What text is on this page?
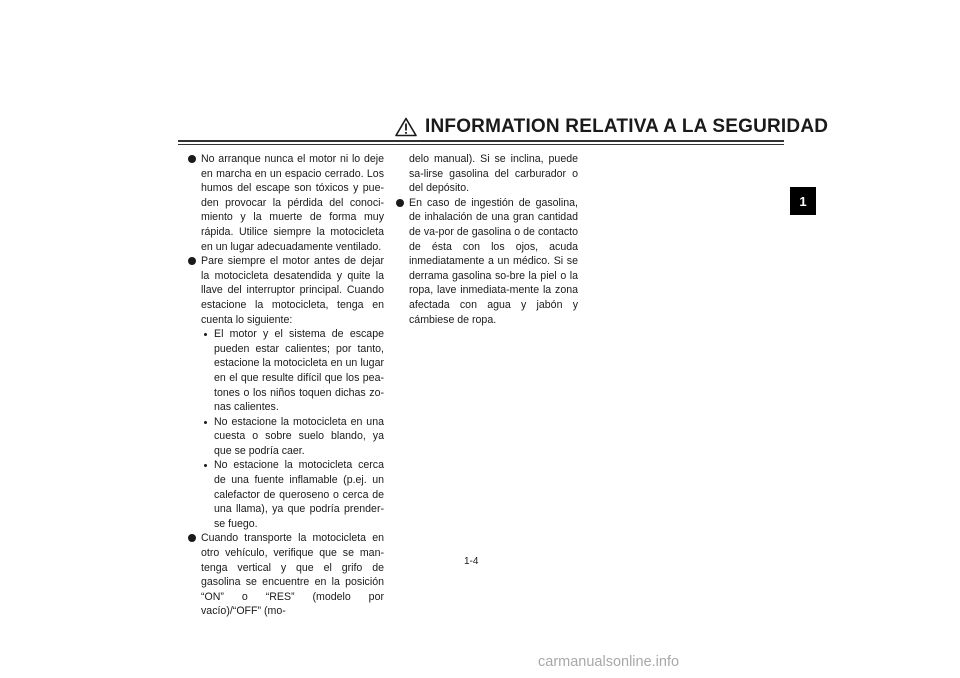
INFORMATION RELATIVA A LA SEGURIDAD
1
No arranque nunca el motor ni lo deje en marcha en un espacio cerrado. Los humos del escape son tóxicos y pue-den provocar la pérdida del conoci-miento y la muerte de forma muy rápida. Utilice siempre la motocicleta en un lugar adecuadamente ventilado.
Pare siempre el motor antes de dejar la motocicleta desatendida y quite la llave del interruptor principal. Cuando estacione la motocicleta, tenga en cuenta lo siguiente:
El motor y el sistema de escape pueden estar calientes; por tanto, estacione la motocicleta en un lugar en el que resulte difícil que los pea-tones o los niños toquen dichas zo-nas calientes.
No estacione la motocicleta en una cuesta o sobre suelo blando, ya que se podría caer.
No estacione la motocicleta cerca de una fuente inflamable (p.ej. un calefactor de queroseno o cerca de una llama), ya que podría prender-se fuego.
Cuando transporte la motocicleta en otro vehículo, verifique que se man-tenga vertical y que el grifo de gasolina se encuentre en la posición “ON” o “RES” (modelo por vacío)/“OFF” (mo-
delo manual). Si se inclina, puede sa-lirse gasolina del carburador o del depósito.
En caso de ingestión de gasolina, de inhalación de una gran cantidad de va-por de gasolina o de contacto de ésta con los ojos, acuda inmediatamente a un médico. Si se derrama gasolina so-bre la piel o la ropa, lave inmediata-mente la zona afectada con agua y jabón y cámbiese de ropa.
1-4
carmanualsonline.info
